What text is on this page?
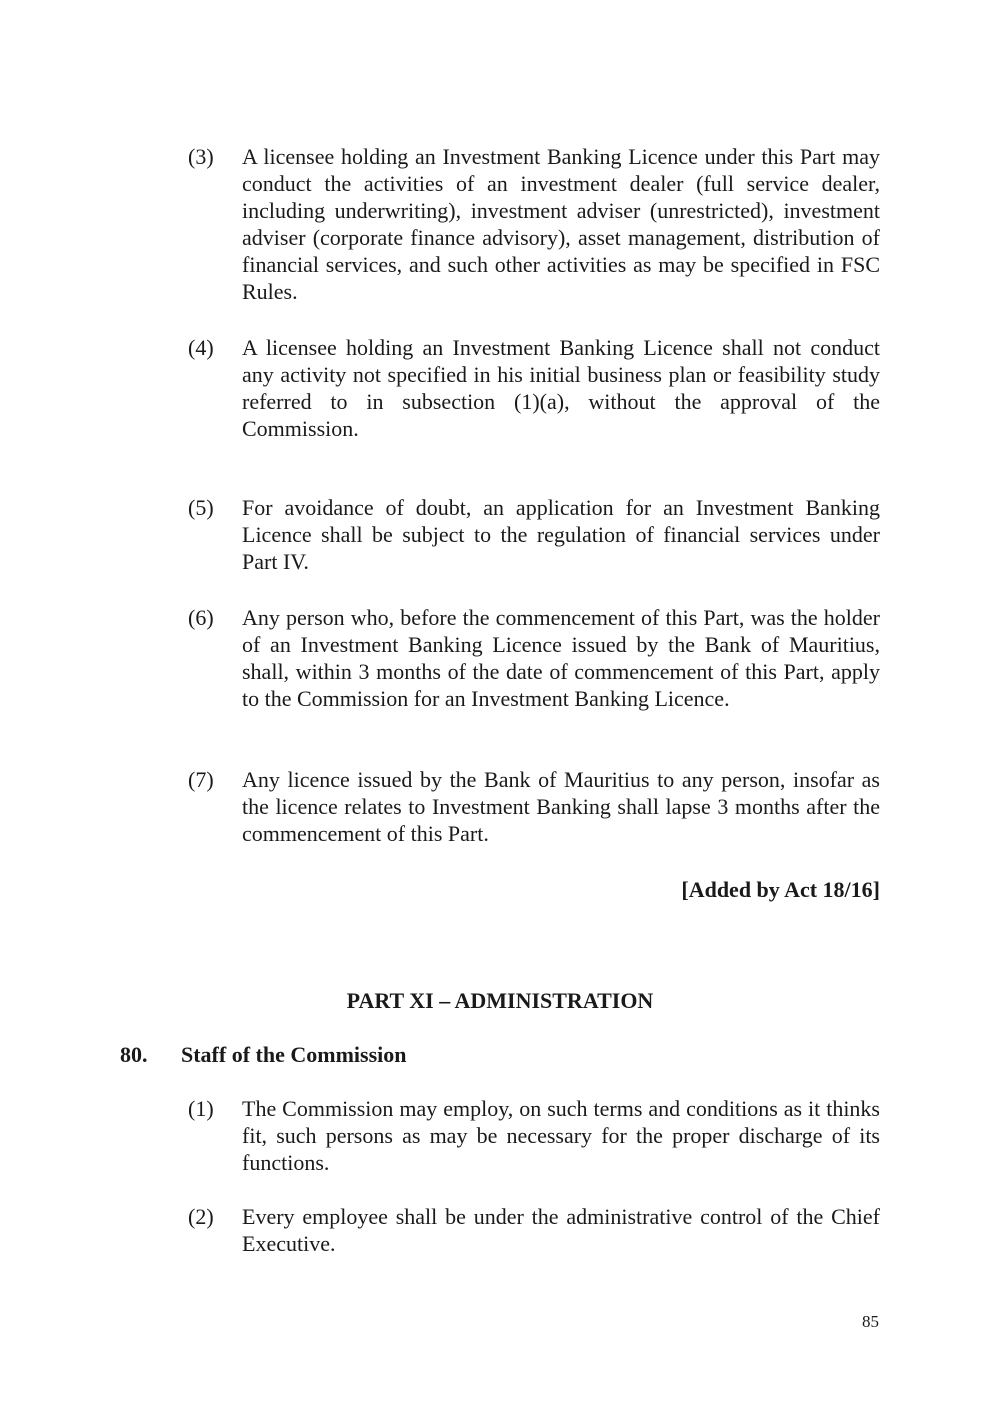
(3)	A licensee holding an Investment Banking Licence under this Part may conduct the activities of an investment dealer (full service dealer, including underwriting), investment adviser (unrestricted), investment adviser (corporate finance advisory), asset management, distribution of financial services, and such other activities as may be specified in FSC Rules.
(4)	A licensee holding an Investment Banking Licence shall not conduct any activity not specified in his initial business plan or feasibility study referred to in subsection (1)(a), without the approval of the Commission.
(5)	For avoidance of doubt, an application for an Investment Banking Licence shall be subject to the regulation of financial services under Part IV.
(6)	Any person who, before the commencement of this Part, was the holder of an Investment Banking Licence issued by the Bank of Mauritius, shall, within 3 months of the date of commencement of this Part, apply to the Commission for an Investment Banking Licence.
(7)	Any licence issued by the Bank of Mauritius to any person, insofar as the licence relates to Investment Banking shall lapse 3 months after the commencement of this Part.
[Added by Act 18/16]
PART XI – ADMINISTRATION
80. Staff of the Commission
(1)	The Commission may employ, on such terms and conditions as it thinks fit, such persons as may be necessary for the proper discharge of its functions.
(2)	Every employee shall be under the administrative control of the Chief Executive.
85
